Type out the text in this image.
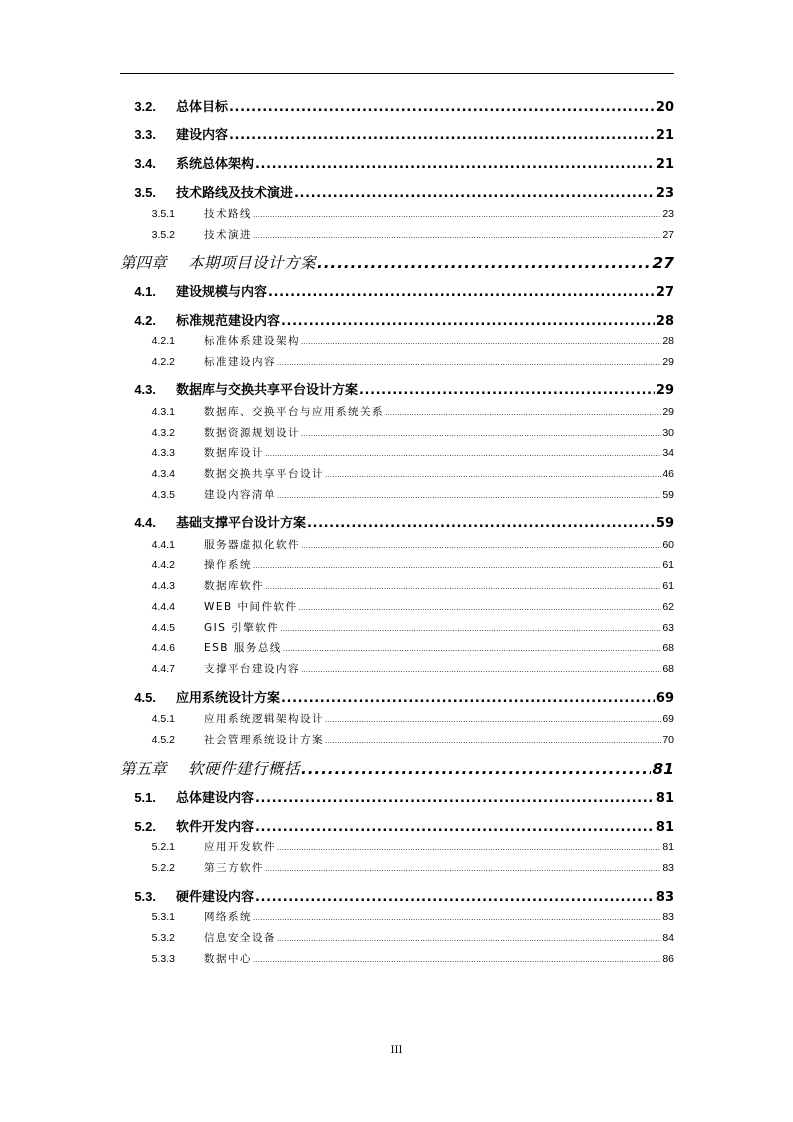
3.2.	总体目标 .....	20
3.3.	建设内容 .....	21
3.4.	系统总体架构 .....	21
3.5.	技术路线及技术演进 .....	23
3.5.1	技术路线 .....	23
3.5.2	技术演进 .....	27
第四章	本期项目设计方案 .....	27
4.1.	建设规模与内容 .....	27
4.2.	标准规范建设内容 .....	28
4.2.1	标准体系建设架构 .....	28
4.2.2	标准建设内容 .....	29
4.3.	数据库与交换共享平台设计方案 .....	29
4.3.1	数据库、交换平台与应用系统关系 .....	29
4.3.2	数据资源规划设计 .....	30
4.3.3	数据库设计 .....	34
4.3.4	数据交换共享平台设计 .....	46
4.3.5	建设内容清单 .....	59
4.4.	基础支撑平台设计方案 .....	59
4.4.1	服务器虚拟化软件 .....	60
4.4.2	操作系统 .....	61
4.4.3	数据库软件 .....	61
4.4.4	WEB 中间件软件 .....	62
4.4.5	GIS 引擎软件 .....	63
4.4.6	ESB 服务总线 .....	68
4.4.7	支撑平台建设内容 .....	68
4.5.	应用系统设计方案 .....	69
4.5.1	应用系统逻辑架构设计 .....	69
4.5.2	社会管理系统设计方案 .....	70
第五章	软硬件建行概括 .....	81
5.1.	总体建设内容 .....	81
5.2.	软件开发内容 .....	81
5.2.1	应用开发软件 .....	81
5.2.2	第三方软件 .....	83
5.3.	硬件建设内容 .....	83
5.3.1	网络系统 .....	83
5.3.2	信息安全设备 .....	84
5.3.3	数据中心 .....	86
III
